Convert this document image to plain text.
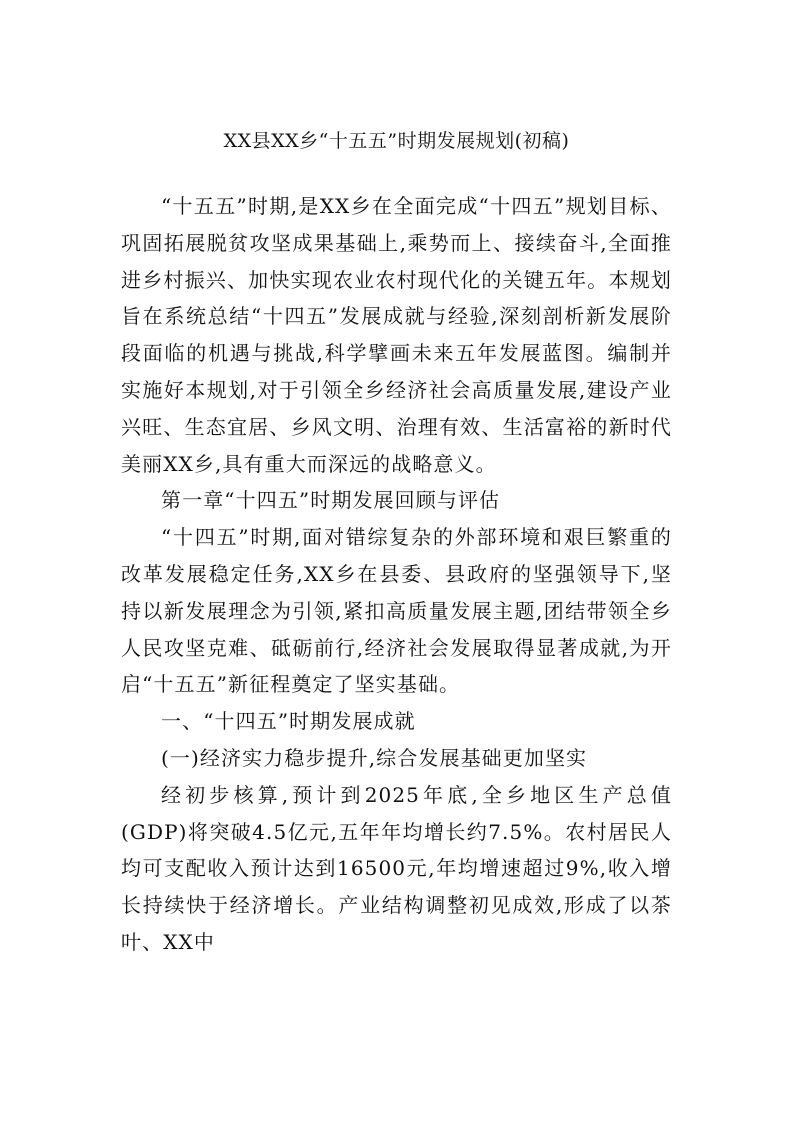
XX县XX乡“十五五”时期发展规划(初稿)

“十五五”时期,是XX乡在全面完成“十四五”规划目标、巩固拓展脱贫攻坚成果基础上,乘势而上、接续奋斗,全面推进乡村振兴、加快实现农业农村现代化的关键五年。本规划旨在系统总结“十四五”发展成就与经验,深刻剖析新发展阶段面临的机遇与挑战,科学擘画未来五年发展蓝图。编制并实施好本规划,对于引领全乡经济社会高质量发展,建设产业兴旺、生态宜居、乡风文明、治理有效、生活富裕的新时代美丽XX乡,具有重大而深远的战略意义。

第一章“十四五”时期发展回顾与评估

“十四五”时期,面对错综复杂的外部环境和艰巨繁重的改革发展稳定任务,XX乡在县委、县政府的坚强领导下,坚持以新发展理念为引领,紧扣高质量发展主题,团结带领全乡人民攻坚克难、砥砺前行,经济社会发展取得显著成就,为开启“十五五”新征程奠定了坚实基础。

一、“十四五”时期发展成就

(一)经济实力稳步提升,综合发展基础更加坚实

经初步核算,预计到2025年底,全乡地区生产总值(GDP)将突破4.5亿元,五年年均增长约7.5%。农村居民人均可支配收入预计达到16500元,年均增速超过9%,收入增长持续快于经济增长。产业结构调整初见成效,形成了以茶叶、XX中
